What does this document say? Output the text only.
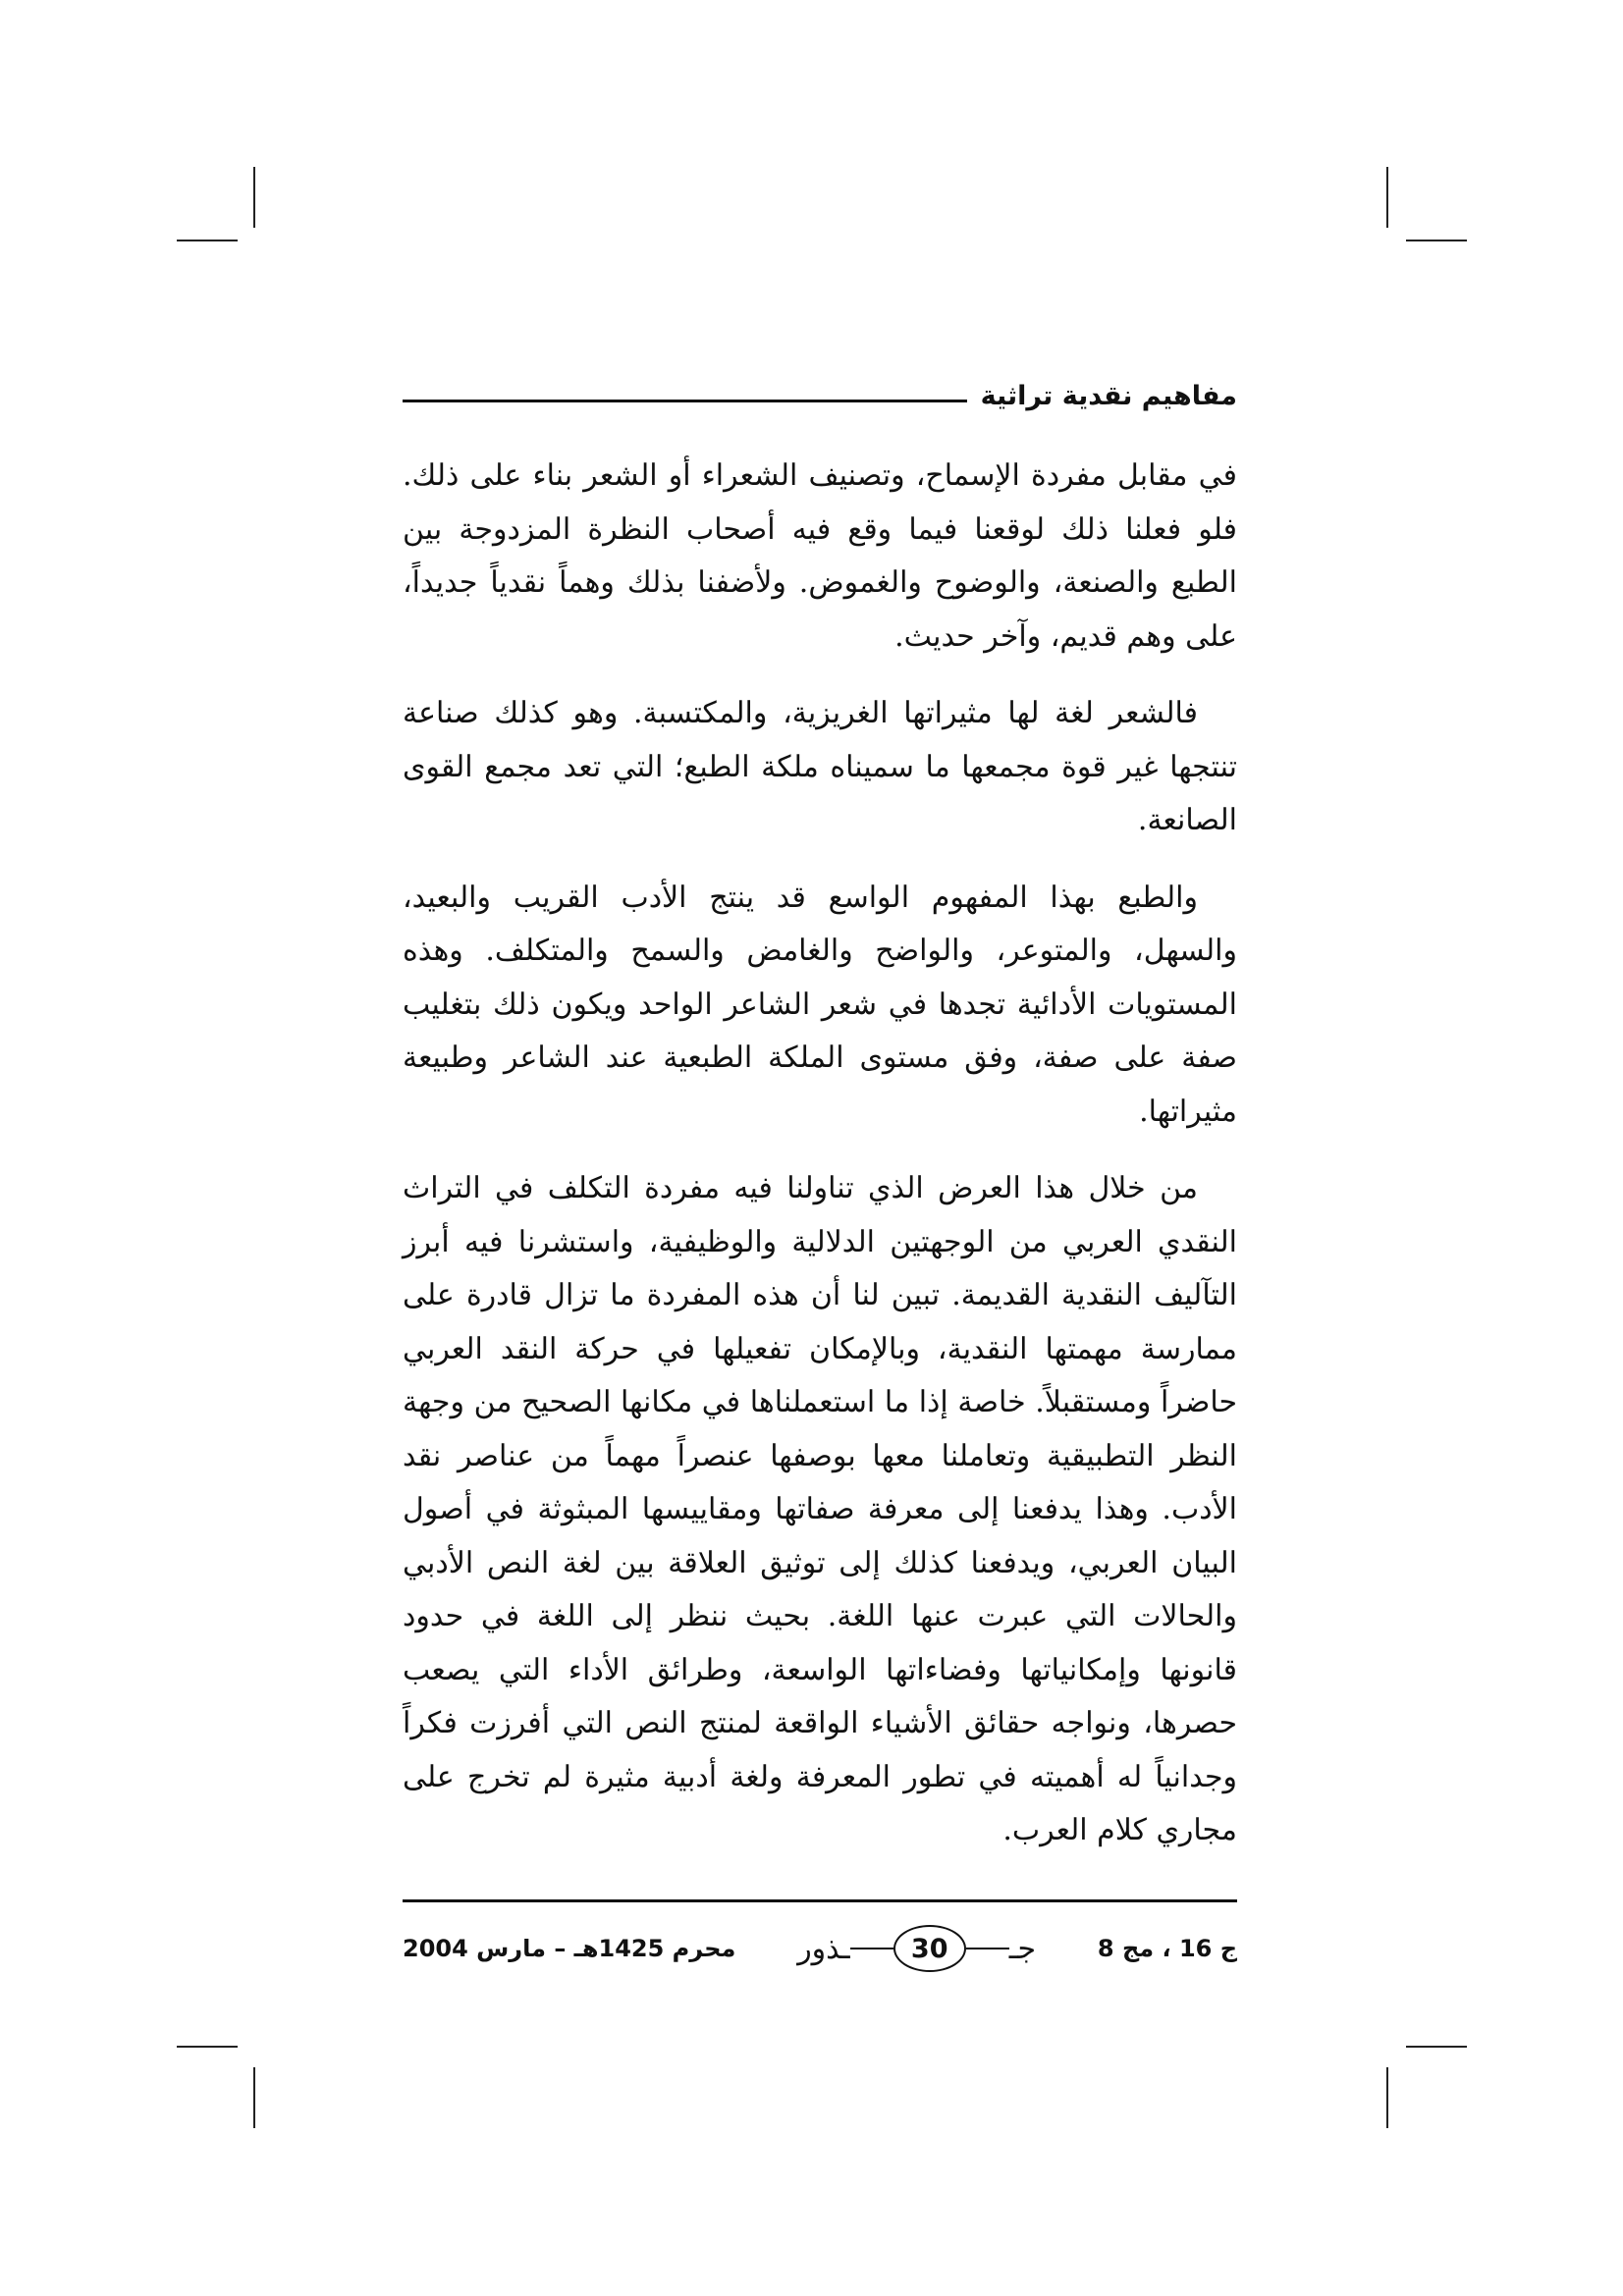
مفاهيم نقدية تراثية

في مقابل مفردة الإسماح، وتصنيف الشعراء أو الشعر بناء على ذلك. فلو فعلنا ذلك لوقعنا فيما وقع فيه أصحاب النظرة المزدوجة بين الطبع والصنعة، والوضوح والغموض. ولأضفنا بذلك وهماً نقدياً جديداً، على وهم قديم، وآخر حديث.

فالشعر لغة لها مثيراتها الغريزية، والمكتسبة. وهو كذلك صناعة تنتجها غير قوة مجمعها ما سميناه ملكة الطبع؛ التي تعد مجمع القوى الصانعة.

والطبع بهذا المفهوم الواسع قد ينتج الأدب القريب والبعيد، والسهل، والمتوعر، والواضح والغامض والسمح والمتكلف. وهذه المستويات الأدائية تجدها في شعر الشاعر الواحد ويكون ذلك بتغليب صفة على صفة، وفق مستوى الملكة الطبعية عند الشاعر وطبيعة مثيراتها.

من خلال هذا العرض الذي تناولنا فيه مفردة التكلف في التراث النقدي العربي من الوجهتين الدلالية والوظيفية، واستشرنا فيه أبرز التآليف النقدية القديمة. تبين لنا أن هذه المفردة ما تزال قادرة على ممارسة مهمتها النقدية، وبالإمكان تفعيلها في حركة النقد العربي حاضراً ومستقبلاً. خاصة إذا ما استعملناها في مكانها الصحيح من وجهة النظر التطبيقية وتعاملنا معها بوصفها عنصراً مهماً من عناصر نقد الأدب. وهذا يدفعنا إلى معرفة صفاتها ومقاييسها المبثوثة في أصول البيان العربي، ويدفعنا كذلك إلى توثيق العلاقة بين لغة النص الأدبي والحالات التي عبرت عنها اللغة. بحيث ننظر إلى اللغة في حدود قانونها وإمكانياتها وفضاءاتها الواسعة، وطرائق الأداء التي يصعب حصرها، ونواجه حقائق الأشياء الواقعة لمنتج النص التي أفرزت فكراً وجدانياً له أهميته في تطور المعرفة ولغة أدبية مثيرة لم تخرج على مجاري كلام العرب.

ج 16 ، مج 8
جـ
30
ـذور
محرم 1425هـ – مارس 2004
